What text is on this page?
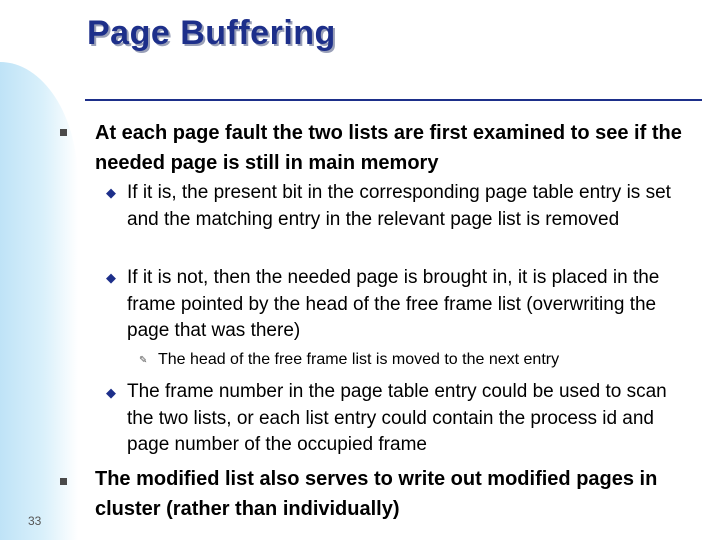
Page Buffering

At each page fault the two lists are first examined to see if the needed page is still in main memory

◆ If it is, the present bit in the corresponding page table entry is set and the matching entry in the relevant page list is removed

◆ If it is not, then the needed page is brought in, it is placed in the frame pointed by the head of the free frame list (overwriting the page that was there)

✎ The head of the free frame list is moved to the next entry

◆ The frame number in the page table entry could be used to scan the two lists, or each list entry could contain the process id and page number of the occupied frame

The modified list also serves to write out modified pages in cluster (rather than individually)

33
